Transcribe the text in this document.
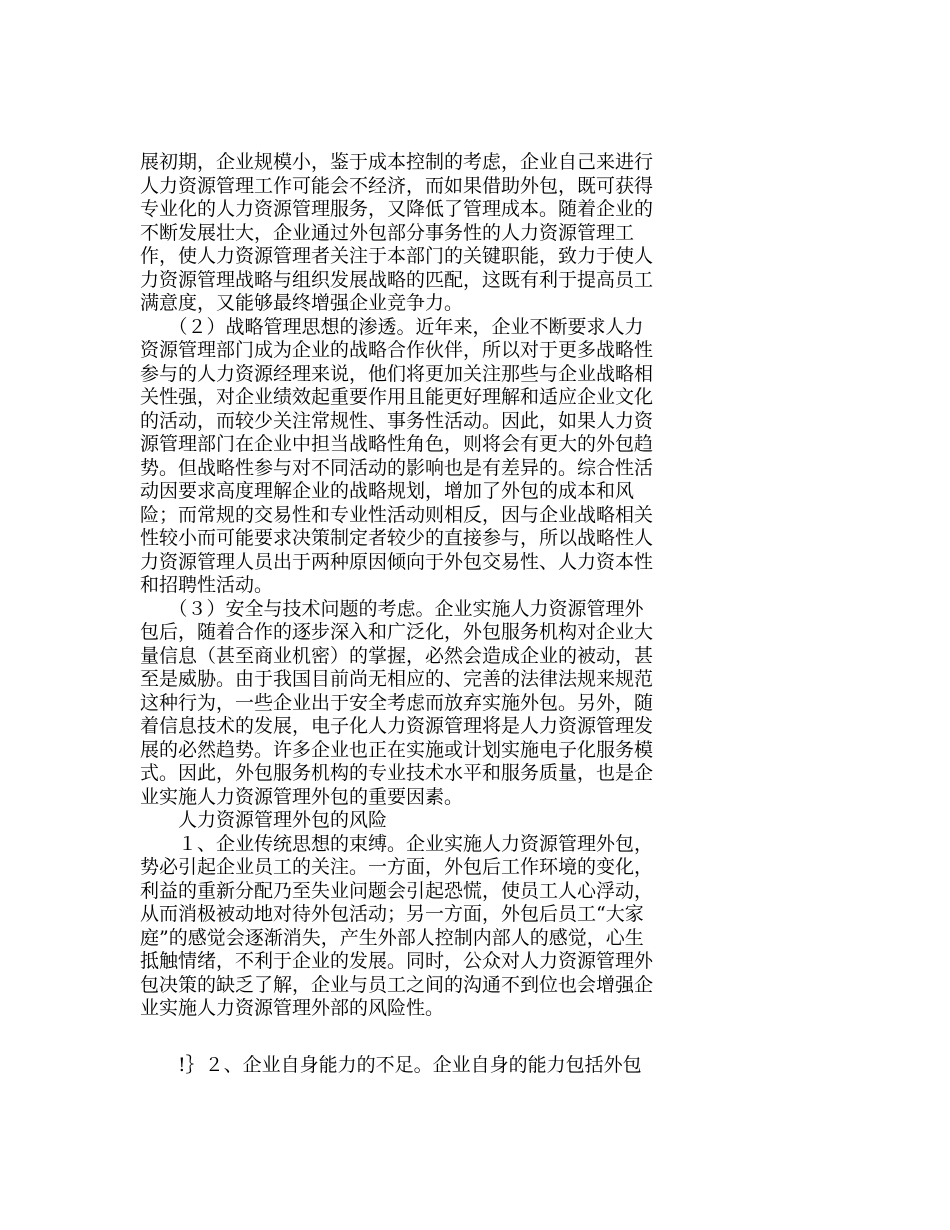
展初期，企业规模小，鉴于成本控制的考虑，企业自己来进行
人力资源管理工作可能会不经济，而如果借助外包，既可获得
专业化的人力资源管理服务，又降低了管理成本。随着企业的
不断发展壮大，企业通过外包部分事务性的人力资源管理工
作，使人力资源管理者关注于本部门的关键职能，致力于使人
力资源管理战略与组织发展战略的匹配，这既有利于提高员工
满意度，又能够最终增强企业竞争力。
　　（２）战略管理思想的渗透。近年来，企业不断要求人力
资源管理部门成为企业的战略合作伙伴，所以对于更多战略性
参与的人力资源经理来说，他们将更加关注那些与企业战略相
关性强，对企业绩效起重要作用且能更好理解和适应企业文化
的活动，而较少关注常规性、事务性活动。因此，如果人力资
源管理部门在企业中担当战略性角色，则将会有更大的外包趋
势。但战略性参与对不同活动的影响也是有差异的。综合性活
动因要求高度理解企业的战略规划，增加了外包的成本和风
险；而常规的交易性和专业性活动则相反，因与企业战略相关
性较小而可能要求决策制定者较少的直接参与，所以战略性人
力资源管理人员出于两种原因倾向于外包交易性、人力资本性
和招聘性活动。
　　（３）安全与技术问题的考虑。企业实施人力资源管理外
包后，随着合作的逐步深入和广泛化，外包服务机构对企业大
量信息（甚至商业机密）的掌握，必然会造成企业的被动，甚
至是威胁。由于我国目前尚无相应的、完善的法律法规来规范
这种行为，一些企业出于安全考虑而放弃实施外包。另外，随
着信息技术的发展，电子化人力资源管理将是人力资源管理发
展的必然趋势。许多企业也正在实施或计划实施电子化服务模
式。因此，外包服务机构的专业技术水平和服务质量，也是企
业实施人力资源管理外包的重要因素。
　　人力资源管理外包的风险
　　１、企业传统思想的束缚。企业实施人力资源管理外包，
势必引起企业员工的关注。一方面，外包后工作环境的变化，
利益的重新分配乃至失业问题会引起恐慌，使员工人心浮动，
从而消极被动地对待外包活动；另一方面，外包后员工“大家
庭”的感觉会逐渐消失，产生外部人控制内部人的感觉，心生
抵触情绪，不利于企业的发展。同时，公众对人力资源管理外
包决策的缺乏了解，企业与员工之间的沟通不到位也会增强企
业实施人力资源管理外部的风险性。
　　!｝２、企业自身能力的不足。企业自身的能力包括外包
